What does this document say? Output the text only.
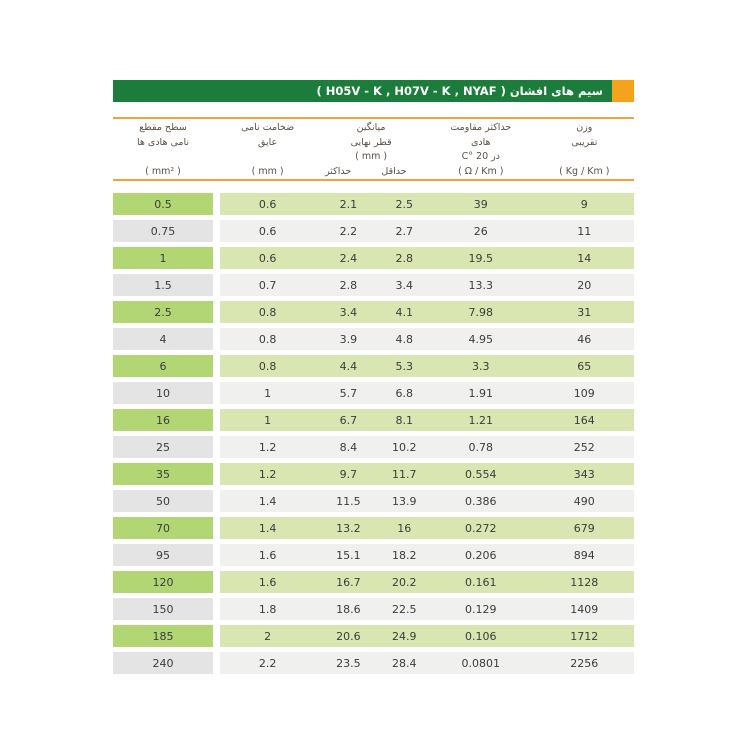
سیم های افشان ( H05V - K , H07V - K , NYAF )
سطح مقطع
نامی هادی ها
( mm² )
ضخامت نامی
عایق
( mm )
میانگین
قطر نهایی
( mm )
حداقل
حداکثر
حداکثر مقاومت
هادی
در 20 °C
( Ω / Km )
وزن
تقریبی
( Kg / Km )
0.5	0.6	2.1	2.5	39	9
0.75	0.6	2.2	2.7	26	11
1	0.6	2.4	2.8	19.5	14
1.5	0.7	2.8	3.4	13.3	20
2.5	0.8	3.4	4.1	7.98	31
4	0.8	3.9	4.8	4.95	46
6	0.8	4.4	5.3	3.3	65
10	1	5.7	6.8	1.91	109
16	1	6.7	8.1	1.21	164
25	1.2	8.4	10.2	0.78	252
35	1.2	9.7	11.7	0.554	343
50	1.4	11.5	13.9	0.386	490
70	1.4	13.2	16	0.272	679
95	1.6	15.1	18.2	0.206	894
120	1.6	16.7	20.2	0.161	1128
150	1.8	18.6	22.5	0.129	1409
185	2	20.6	24.9	0.106	1712
240	2.2	23.5	28.4	0.0801	2256
